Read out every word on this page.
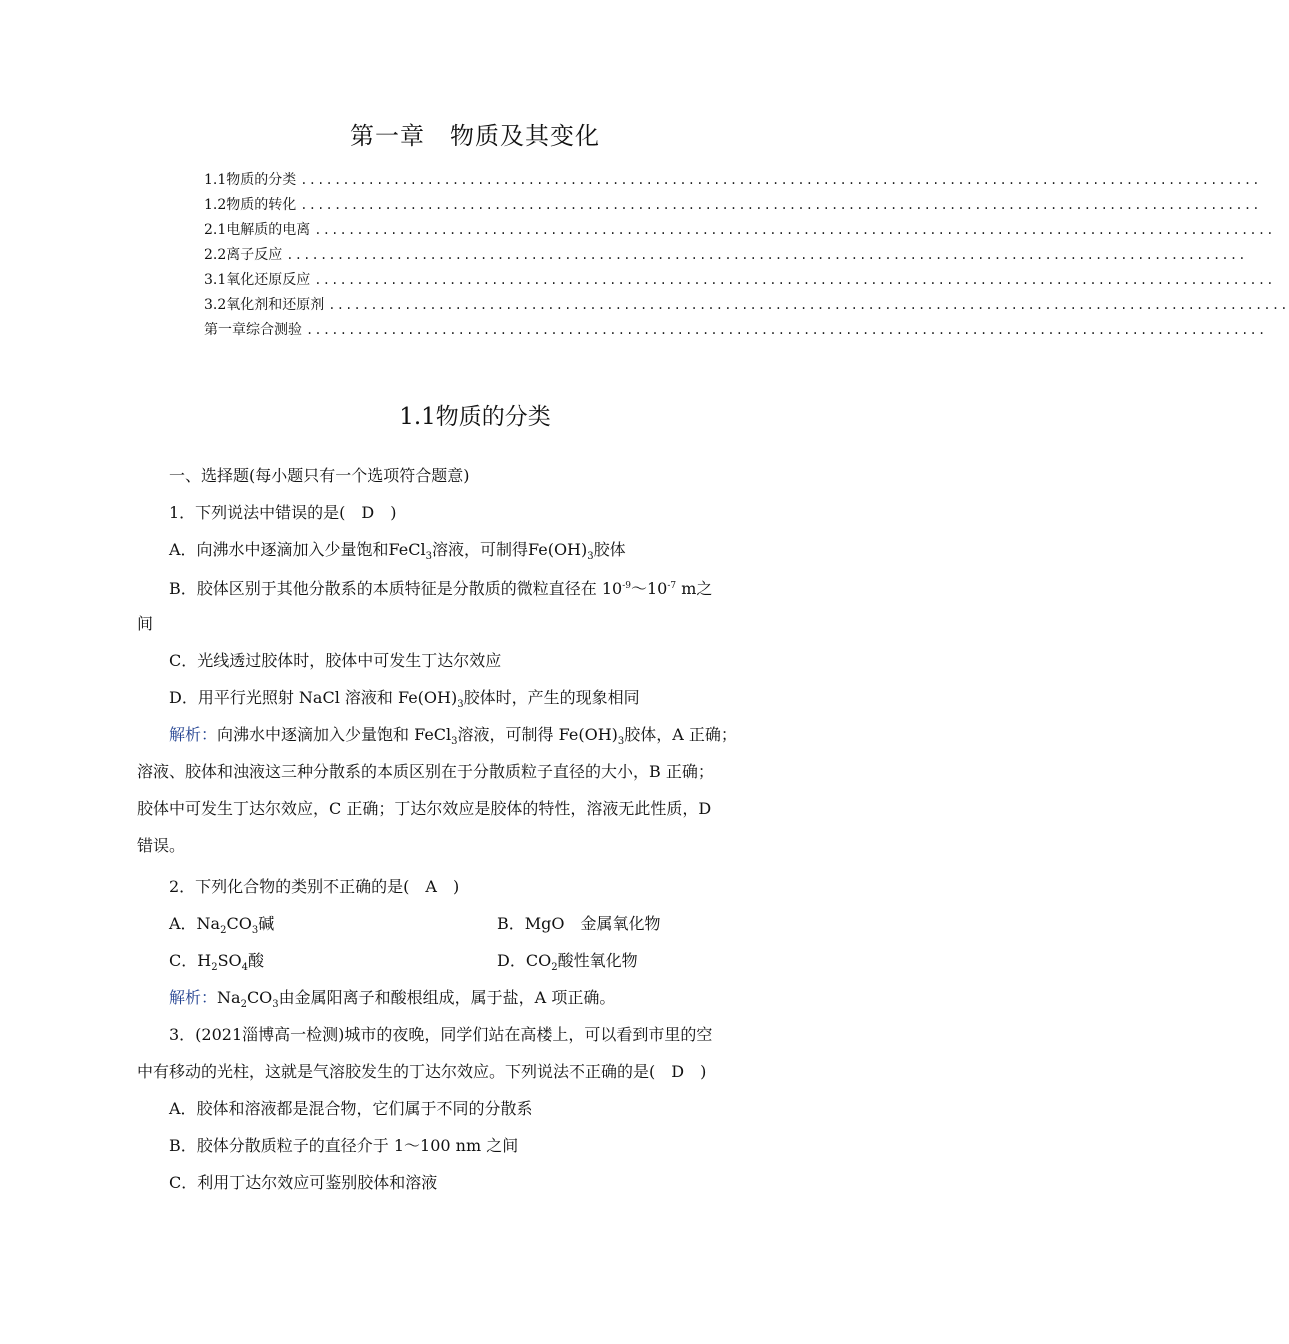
第一章　物质及其变化
1.1物质的分类 ..................................................................................................................
1.2物质的转化 ..................................................................................................................
2.1电解质的电离 ..................................................................................................................
2.2离子反应 ..................................................................................................................
3.1氧化还原反应 ..................................................................................................................
3.2氧化剂和还原剂 ..................................................................................................................
第一章综合测验 ..................................................................................................................
1.1物质的分类
一、选择题(每小题只有一个选项符合题意)
1．下列说法中错误的是(　D　)
A．向沸水中逐滴加入少量饱和FeCl$_3$溶液，可制得$Fe(OH)_3$胶体
B．胶体区别于其他分散系的本质特征是分散质的微粒直径在 $10^{-9}\sim 10^{-7}$ m之
间
C．光线透过胶体时，胶体中可发生丁达尔效应
D．用平行光照射 NaCl 溶液和 $Fe(OH)_3$胶体时，产生的现象相同
解析：向沸水中逐滴加入少量饱和 FeCl$_3$溶液，可制得 $Fe(OH)_3$胶体，A 正确；
溶液、胶体和浊液这三种分散系的本质区别在于分散质粒子直径的大小，B 正确；
胶体中可发生丁达尔效应，C 正确；丁达尔效应是胶体的特性，溶液无此性质，D
错误。
2．下列化合物的类别不正确的是(　A　)
A．$Na_2CO_3$碱	B．MgO　金属氧化物
C．$H_2SO_4$酸	D．$CO_2$酸性氧化物
解析：$Na_2CO_3$由金属阳离子和酸根组成，属于盐，A 项正确。
3．(2021淄博高一检测)城市的夜晚，同学们站在高楼上，可以看到市里的空
中有移动的光柱，这就是气溶胶发生的丁达尔效应。下列说法不正确的是(　D　)
A．胶体和溶液都是混合物，它们属于不同的分散系
B．胶体分散质粒子的直径介于 1～100 nm 之间
C．利用丁达尔效应可鉴别胶体和溶液
